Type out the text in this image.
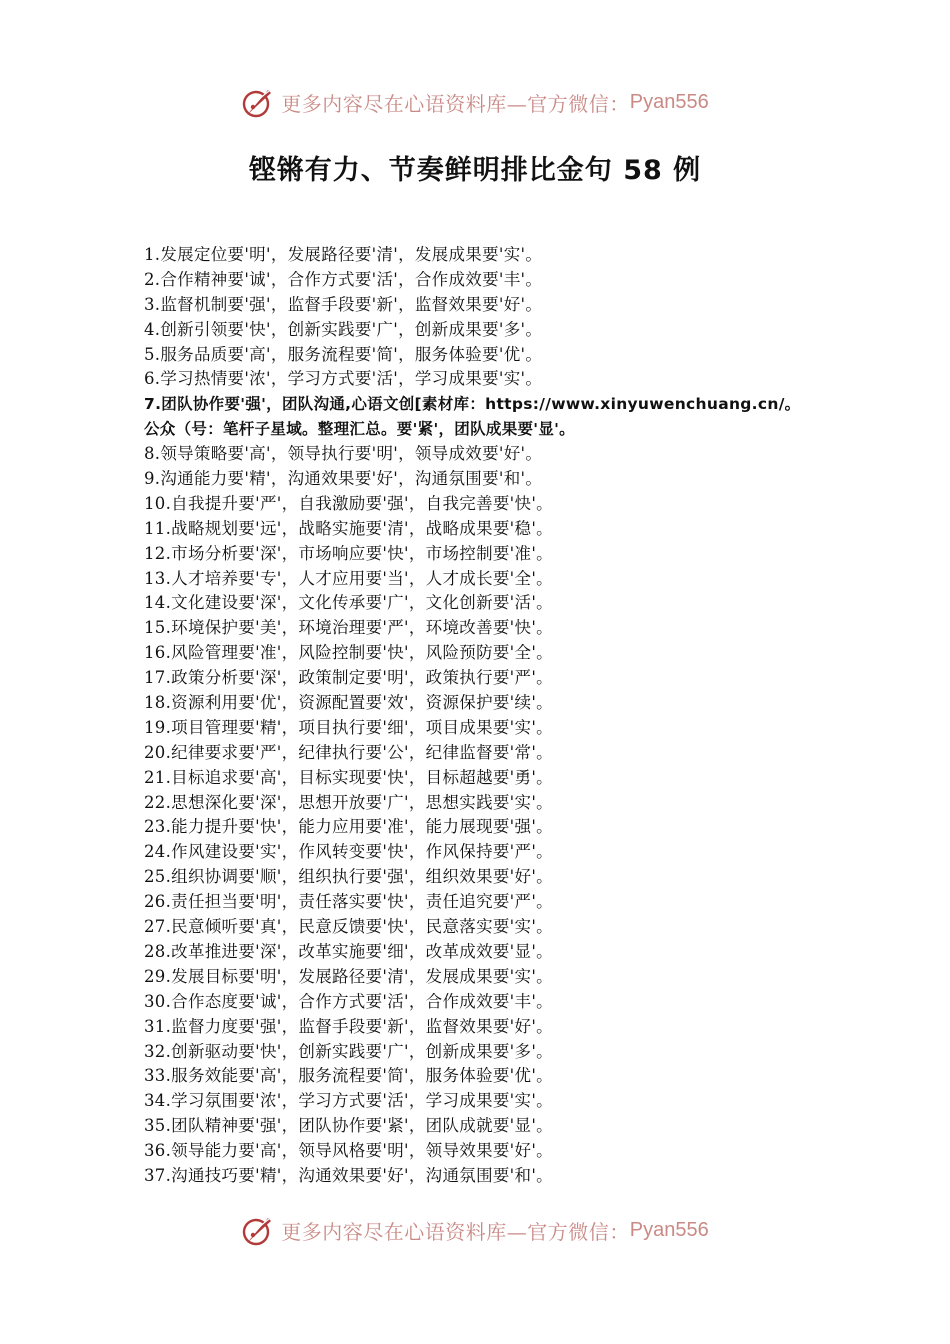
更多内容尽在心语资料库—官方微信： Pyan556
铿锵有力、节奏鲜明排比金句 58 例
1.发展定位要'明'，发展路径要'清'，发展成果要'实'。
2.合作精神要'诚'，合作方式要'活'，合作成效要'丰'。
3.监督机制要'强'，监督手段要'新'，监督效果要'好'。
4.创新引领要'快'，创新实践要'广'，创新成果要'多'。
5.服务品质要'高'，服务流程要'简'，服务体验要'优'。
6.学习热情要'浓'，学习方式要'活'，学习成果要'实'。
7.团队协作要'强'，团队沟通,心语文创[素材库：https://www.xinyuwenchuang.cn/。
公众（号：笔杆子星域。整理汇总。要'紧'，团队成果要'显'。
8.领导策略要'高'，领导执行要'明'，领导成效要'好'。
9.沟通能力要'精'，沟通效果要'好'，沟通氛围要'和'。
10.自我提升要'严'，自我激励要'强'，自我完善要'快'。
11.战略规划要'远'，战略实施要'清'，战略成果要'稳'。
12.市场分析要'深'，市场响应要'快'，市场控制要'准'。
13.人才培养要'专'，人才应用要'当'，人才成长要'全'。
14.文化建设要'深'，文化传承要'广'，文化创新要'活'。
15.环境保护要'美'，环境治理要'严'，环境改善要'快'。
16.风险管理要'准'，风险控制要'快'，风险预防要'全'。
17.政策分析要'深'，政策制定要'明'，政策执行要'严'。
18.资源利用要'优'，资源配置要'效'，资源保护要'续'。
19.项目管理要'精'，项目执行要'细'，项目成果要'实'。
20.纪律要求要'严'，纪律执行要'公'，纪律监督要'常'。
21.目标追求要'高'，目标实现要'快'，目标超越要'勇'。
22.思想深化要'深'，思想开放要'广'，思想实践要'实'。
23.能力提升要'快'，能力应用要'准'，能力展现要'强'。
24.作风建设要'实'，作风转变要'快'，作风保持要'严'。
25.组织协调要'顺'，组织执行要'强'，组织效果要'好'。
26.责任担当要'明'，责任落实要'快'，责任追究要'严'。
27.民意倾听要'真'，民意反馈要'快'，民意落实要'实'。
28.改革推进要'深'，改革实施要'细'，改革成效要'显'。
29.发展目标要'明'，发展路径要'清'，发展成果要'实'。
30.合作态度要'诚'，合作方式要'活'，合作成效要'丰'。
31.监督力度要'强'，监督手段要'新'，监督效果要'好'。
32.创新驱动要'快'，创新实践要'广'，创新成果要'多'。
33.服务效能要'高'，服务流程要'简'，服务体验要'优'。
34.学习氛围要'浓'，学习方式要'活'，学习成果要'实'。
35.团队精神要'强'，团队协作要'紧'，团队成就要'显'。
36.领导能力要'高'，领导风格要'明'，领导效果要'好'。
37.沟通技巧要'精'，沟通效果要'好'，沟通氛围要'和'。
更多内容尽在心语资料库—官方微信： Pyan556
